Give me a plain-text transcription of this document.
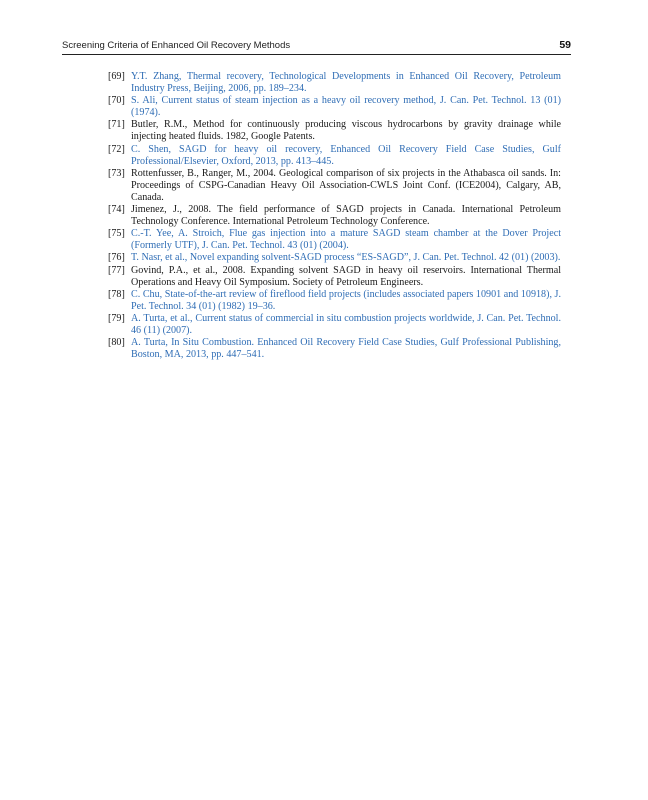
Screening Criteria of Enhanced Oil Recovery Methods	59
[69] Y.T. Zhang, Thermal recovery, Technological Developments in Enhanced Oil Recovery, Petroleum Industry Press, Beijing, 2006, pp. 189–234.
[70] S. Ali, Current status of steam injection as a heavy oil recovery method, J. Can. Pet. Technol. 13 (01) (1974).
[71] Butler, R.M., Method for continuously producing viscous hydrocarbons by gravity drainage while injecting heated fluids. 1982, Google Patents.
[72] C. Shen, SAGD for heavy oil recovery, Enhanced Oil Recovery Field Case Studies, Gulf Professional/Elsevier, Oxford, 2013, pp. 413–445.
[73] Rottenfusser, B., Ranger, M., 2004. Geological comparison of six projects in the Athabasca oil sands. In: Proceedings of CSPG-Canadian Heavy Oil Association-CWLS Joint Conf. (ICE2004), Calgary, AB, Canada.
[74] Jimenez, J., 2008. The field performance of SAGD projects in Canada. International Petroleum Technology Conference. International Petroleum Technology Conference.
[75] C.-T. Yee, A. Stroich, Flue gas injection into a mature SAGD steam chamber at the Dover Project (Formerly UTF), J. Can. Pet. Technol. 43 (01) (2004).
[76] T. Nasr, et al., Novel expanding solvent-SAGD process “ES-SAGD”, J. Can. Pet. Technol. 42 (01) (2003).
[77] Govind, P.A., et al., 2008. Expanding solvent SAGD in heavy oil reservoirs. International Thermal Operations and Heavy Oil Symposium. Society of Petroleum Engineers.
[78] C. Chu, State-of-the-art review of fireflood field projects (includes associated papers 10901 and 10918), J. Pet. Technol. 34 (01) (1982) 19–36.
[79] A. Turta, et al., Current status of commercial in situ combustion projects worldwide, J. Can. Pet. Technol. 46 (11) (2007).
[80] A. Turta, In Situ Combustion. Enhanced Oil Recovery Field Case Studies, Gulf Professional Publishing, Boston, MA, 2013, pp. 447–541.
